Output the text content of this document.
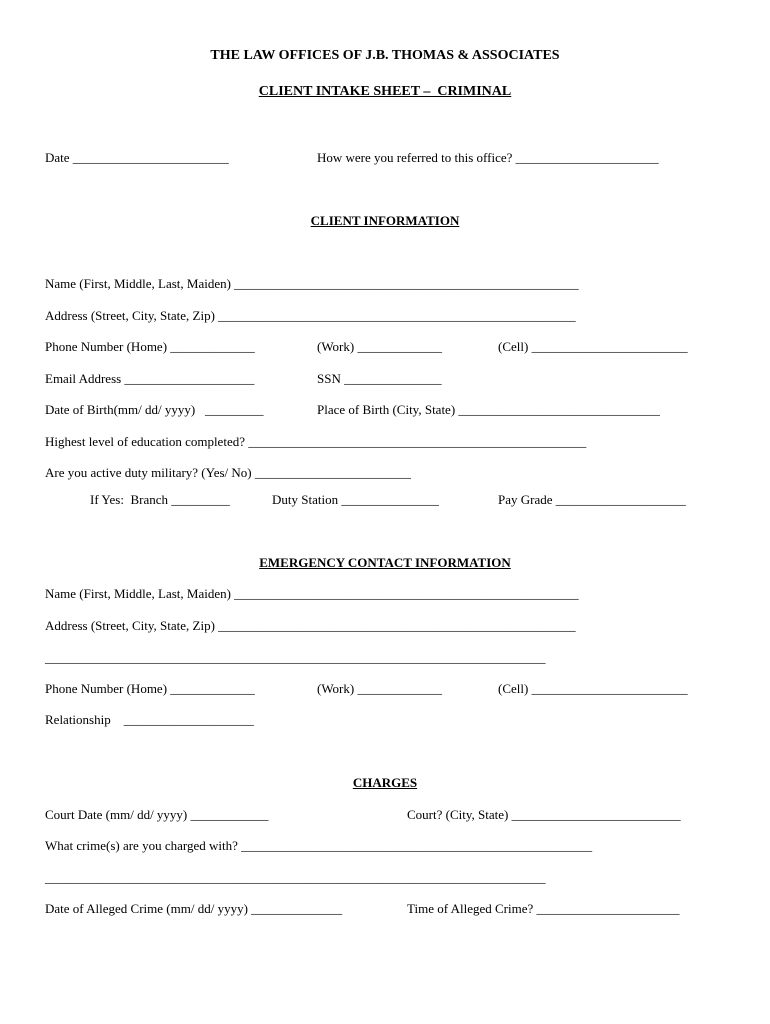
THE LAW OFFICES OF J.B. THOMAS & ASSOCIATES
CLIENT INTAKE SHEET –  CRIMINAL
Date ________________________	How were you referred to this office? ______________________
CLIENT INFORMATION
Name (First, Middle, Last, Maiden) _____________________________________________________
Address (Street, City, State, Zip) _______________________________________________________
Phone Number (Home) _____________	(Work) _____________	(Cell) ________________________
Email Address ____________________	SSN _______________
Date of Birth(mm/ dd/ yyyy)   _________	Place of Birth (City, State) _______________________________
Highest level of education completed? ____________________________________________________
Are you active duty military? (Yes/ No) ________________________
If Yes:  Branch _________	Duty Station _______________	Pay Grade ____________________
EMERGENCY CONTACT INFORMATION
Name (First, Middle, Last, Maiden) _____________________________________________________
Address (Street, City, State, Zip) _______________________________________________________
_____________________________________________________________________________
Phone Number (Home) _____________	(Work) _____________	(Cell) ________________________
Relationship    ____________________
CHARGES
Court Date (mm/ dd/ yyyy) ____________	Court? (City, State) __________________________
What crime(s) are you charged with? ______________________________________________________
_____________________________________________________________________________
Date of Alleged Crime (mm/ dd/ yyyy) ______________	Time of Alleged Crime? ______________________
